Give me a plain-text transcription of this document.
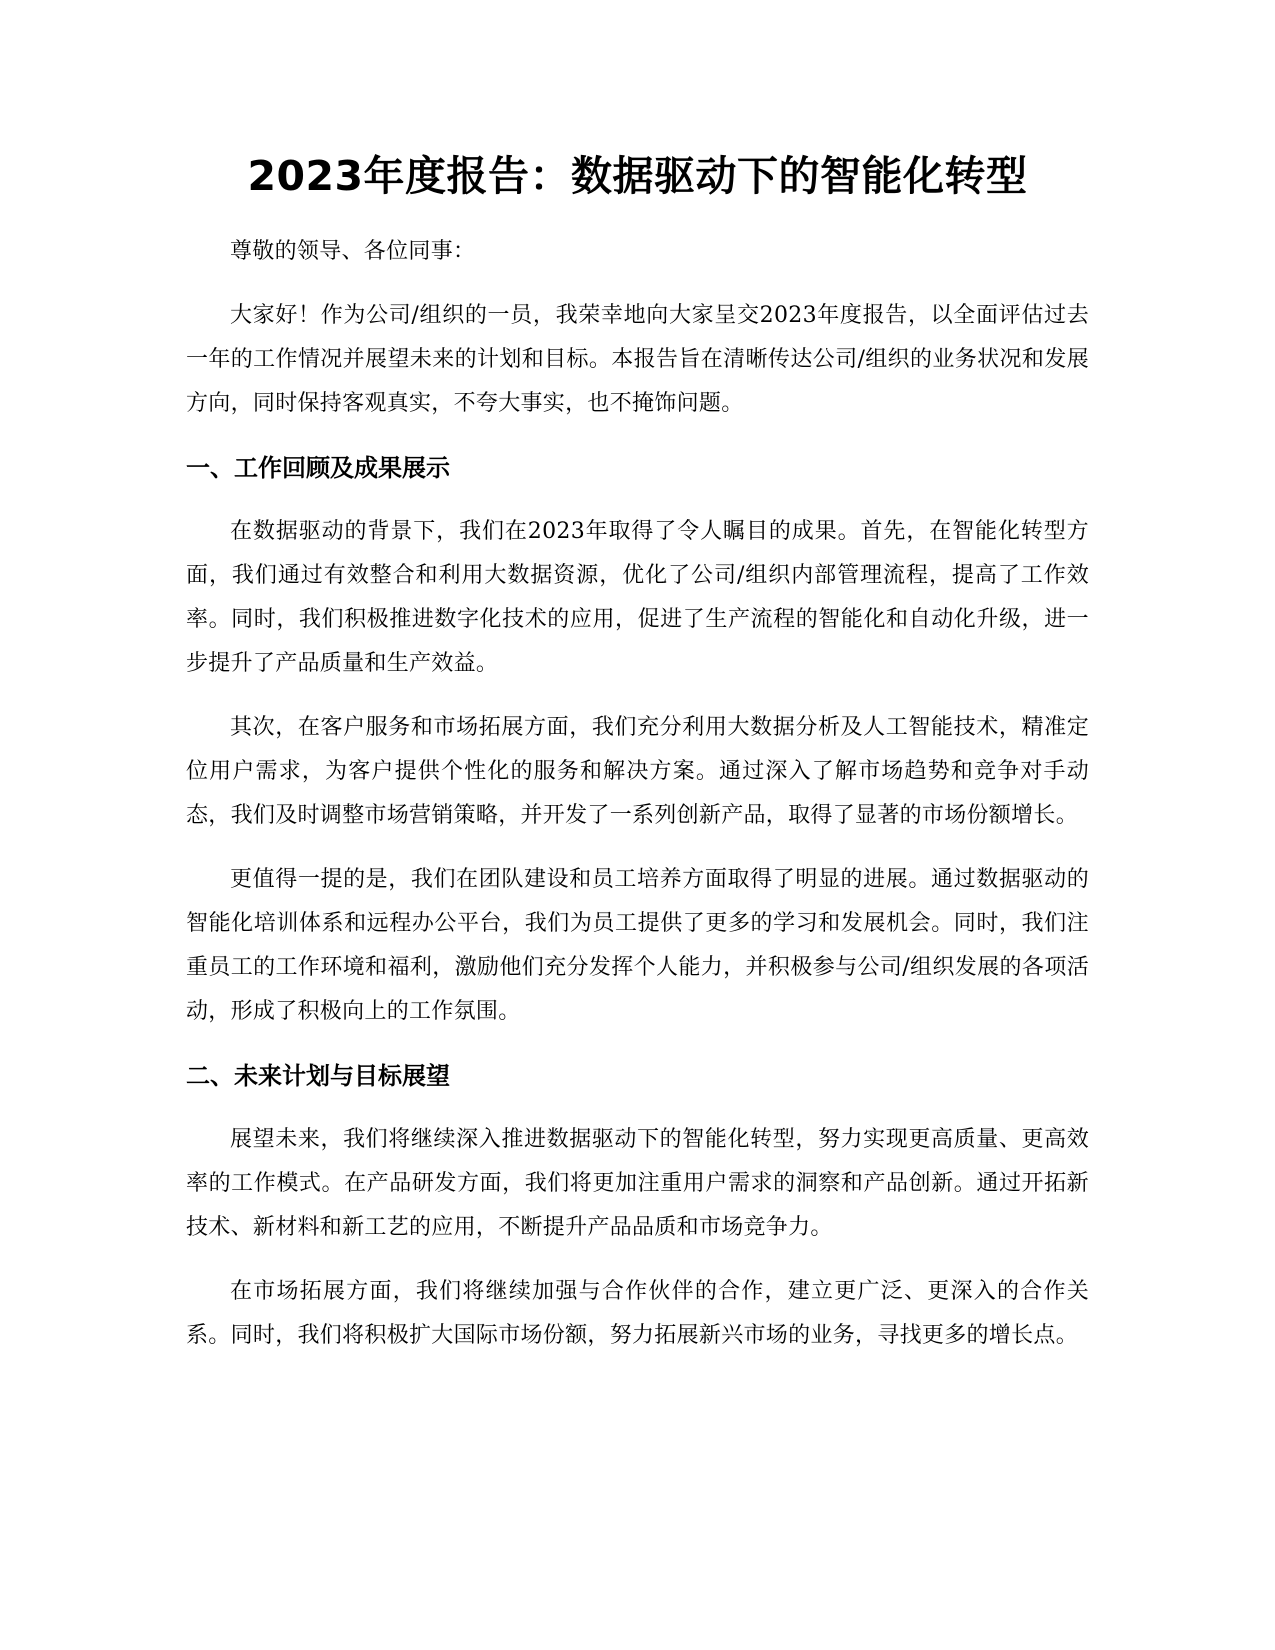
2023年度报告：数据驱动下的智能化转型

尊敬的领导、各位同事：

大家好！作为公司/组织的一员，我荣幸地向大家呈交2023年度报告，以全面评估过去一年的工作情况并展望未来的计划和目标。本报告旨在清晰传达公司/组织的业务状况和发展方向，同时保持客观真实，不夸大事实，也不掩饰问题。

一、工作回顾及成果展示

在数据驱动的背景下，我们在2023年取得了令人瞩目的成果。首先，在智能化转型方面，我们通过有效整合和利用大数据资源，优化了公司/组织内部管理流程，提高了工作效率。同时，我们积极推进数字化技术的应用，促进了生产流程的智能化和自动化升级，进一步提升了产品质量和生产效益。

其次，在客户服务和市场拓展方面，我们充分利用大数据分析及人工智能技术，精准定位用户需求，为客户提供个性化的服务和解决方案。通过深入了解市场趋势和竞争对手动态，我们及时调整市场营销策略，并开发了一系列创新产品，取得了显著的市场份额增长。

更值得一提的是，我们在团队建设和员工培养方面取得了明显的进展。通过数据驱动的智能化培训体系和远程办公平台，我们为员工提供了更多的学习和发展机会。同时，我们注重员工的工作环境和福利，激励他们充分发挥个人能力，并积极参与公司/组织发展的各项活动，形成了积极向上的工作氛围。

二、未来计划与目标展望

展望未来，我们将继续深入推进数据驱动下的智能化转型，努力实现更高质量、更高效率的工作模式。在产品研发方面，我们将更加注重用户需求的洞察和产品创新。通过开拓新技术、新材料和新工艺的应用，不断提升产品品质和市场竞争力。

在市场拓展方面，我们将继续加强与合作伙伴的合作，建立更广泛、更深入的合作关系。同时，我们将积极扩大国际市场份额，努力拓展新兴市场的业务，寻找更多的增长点。
